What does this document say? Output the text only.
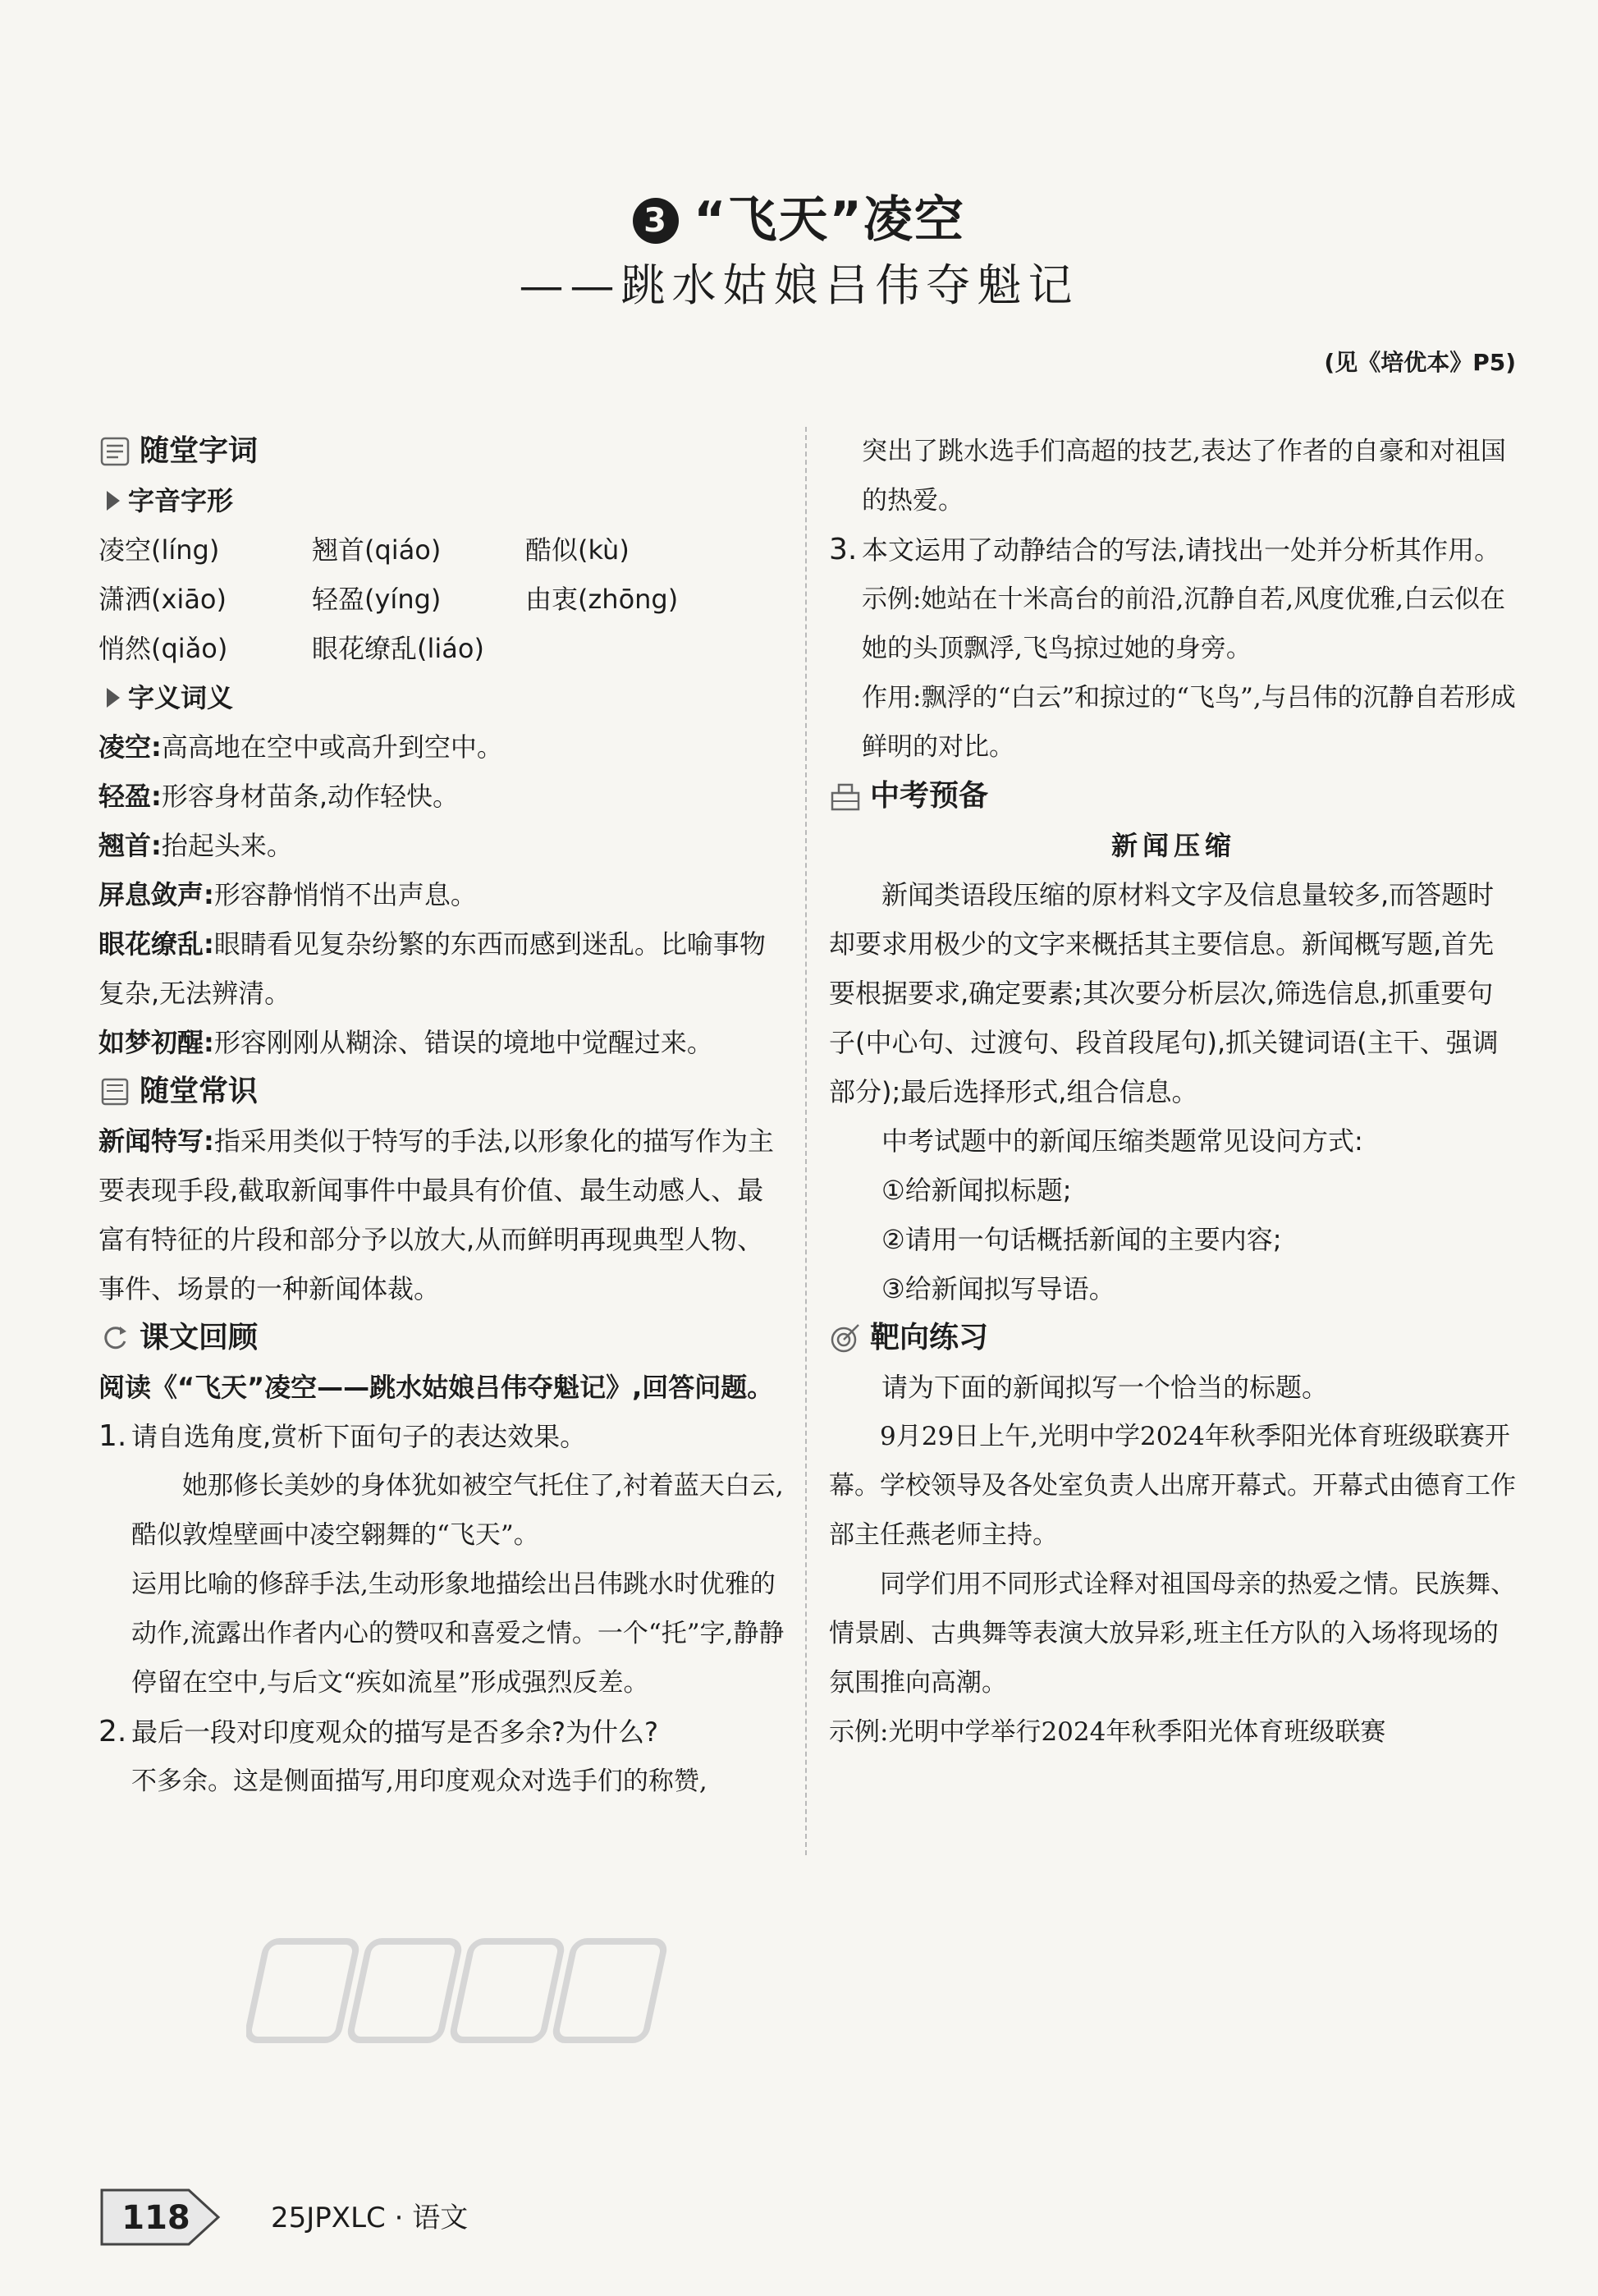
3 “飞天”凌空
——跳水姑娘吕伟夺魁记
(见《培优本》P5)
随堂字词
字音字形
凌空(líng)	翘首(qiáo)	酷似(kù)
潇洒(xiāo)	轻盈(yíng)	由衷(zhōng)
悄然(qiǎo)	眼花缭乱(liáo)
字义词义

凌空:高高地在空中或高升到空中。

轻盈:形容身材苗条,动作轻快。

翘首:抬起头来。

屏息敛声:形容静悄悄不出声息。

眼花缭乱:眼睛看见复杂纷繁的东西而感到迷乱。比喻事物复杂,无法辨清。

如梦初醒:形容刚刚从糊涂、错误的境地中觉醒过来。

随堂常识

新闻特写:指采用类似于特写的手法,以形象化的描写作为主要表现手段,截取新闻事件中最具有价值、最生动感人、最富有特征的片段和部分予以放大,从而鲜明再现典型人物、事件、场景的一种新闻体裁。

课文回顾
阅读《“飞天”凌空——跳水姑娘吕伟夺魁记》,回答问题。
1. 请自选角度,赏析下面句子的表达效果。

她那修长美妙的身体犹如被空气托住了,衬着蓝天白云,酷似敦煌壁画中凌空翱舞的“飞天”。

运用比喻的修辞手法,生动形象地描绘出吕伟跳水时优雅的动作,流露出作者内心的赞叹和喜爱之情。一个“托”字,静静停留在空中,与后文“疾如流星”形成强烈反差。

2. 最后一段对印度观众的描写是否多余?为什么?

不多余。这是侧面描写,用印度观众对选手们的称赞,

突出了跳水选手们高超的技艺,表达了作者的自豪和对祖国的热爱。

3. 本文运用了动静结合的写法,请找出一处并分析其作用。

示例:她站在十米高台的前沿,沉静自若,风度优雅,白云似在她的头顶飘浮,飞鸟掠过她的身旁。

作用:飘浮的“白云”和掠过的“飞鸟”,与吕伟的沉静自若形成鲜明的对比。

中考预备
新闻压缩

新闻类语段压缩的原材料文字及信息量较多,而答题时却要求用极少的文字来概括其主要信息。新闻概写题,首先要根据要求,确定要素;其次要分析层次,筛选信息,抓重要句子(中心句、过渡句、段首段尾句),抓关键词语(主干、强调部分);最后选择形式,组合信息。

中考试题中的新闻压缩类题常见设问方式:

①给新闻拟标题;

②请用一句话概括新闻的主要内容;

③给新闻拟写导语。

靶向练习

请为下面的新闻拟写一个恰当的标题。

9月29日上午,光明中学2024年秋季阳光体育班级联赛开幕。学校领导及各处室负责人出席开幕式。开幕式由德育工作部主任燕老师主持。

同学们用不同形式诠释对祖国母亲的热爱之情。民族舞、情景剧、古典舞等表演大放异彩,班主任方队的入场将现场的氛围推向高潮。

示例:光明中学举行2024年秋季阳光体育班级联赛

118	25JPXLC · 语文
